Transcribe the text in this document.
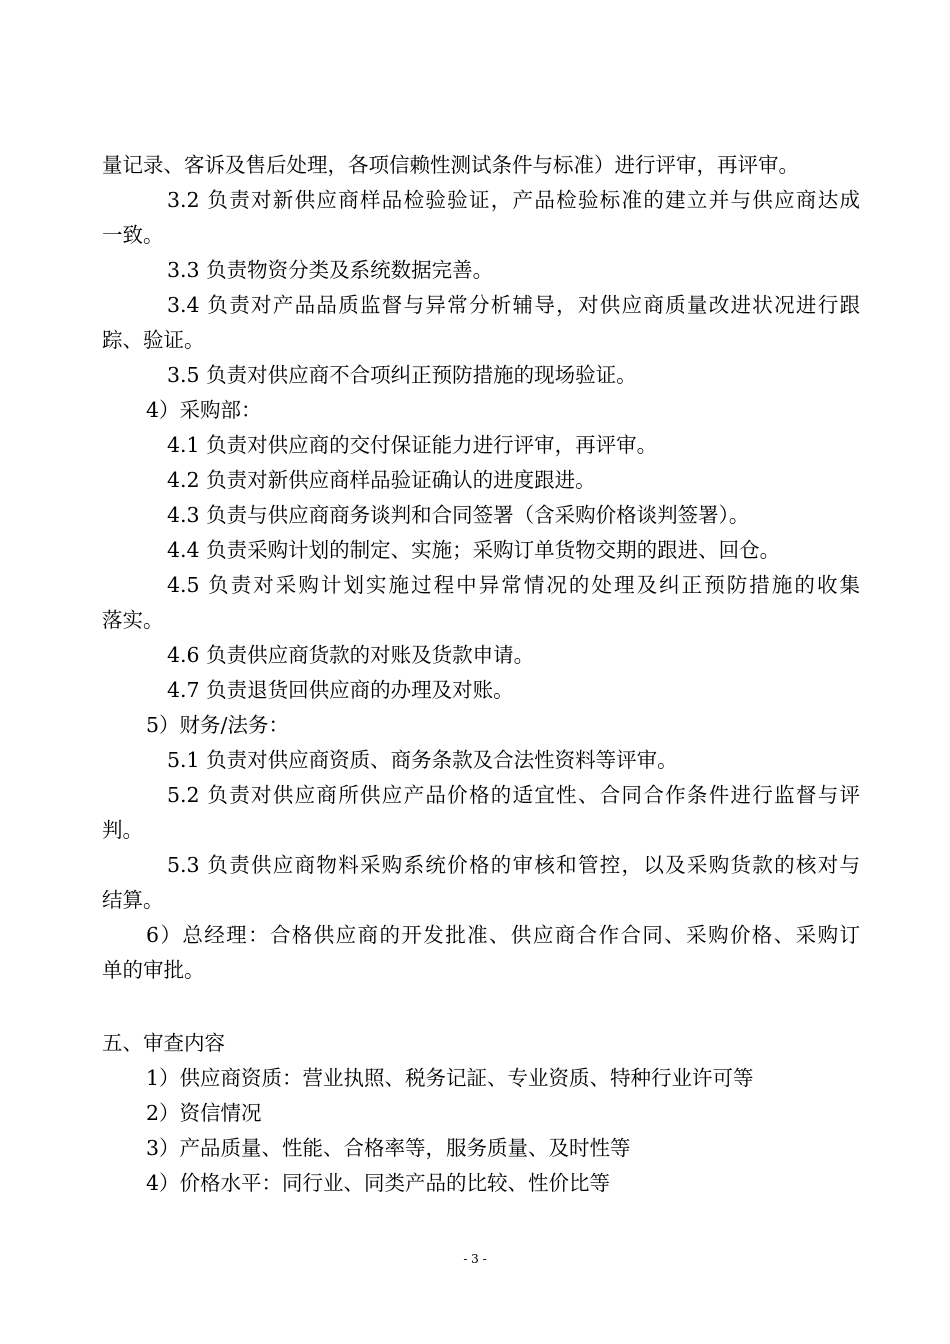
量记录、客诉及售后处理，各项信赖性测试条件与标准）进行评审，再评审。
3.2 负责对新供应商样品检验验证，产品检验标准的建立并与供应商达成
一致。
3.3 负责物资分类及系统数据完善。
3.4 负责对产品品质监督与异常分析辅导，对供应商质量改进状况进行跟
踪、验证。
3.5 负责对供应商不合项纠正预防措施的现场验证。
4）采购部：
4.1 负责对供应商的交付保证能力进行评审，再评审。
4.2 负责对新供应商样品验证确认的进度跟进。
4.3 负责与供应商商务谈判和合同签署（含采购价格谈判签署）。
4.4 负责采购计划的制定、实施；采购订单货物交期的跟进、回仓。
4.5 负责对采购计划实施过程中异常情况的处理及纠正预防措施的收集
落实。
4.6 负责供应商货款的对账及货款申请。
4.7 负责退货回供应商的办理及对账。
5）财务/法务：
5.1 负责对供应商资质、商务条款及合法性资料等评审。
5.2 负责对供应商所供应产品价格的适宜性、合同合作条件进行监督与评
判。
5.3 负责供应商物料采购系统价格的审核和管控，以及采购货款的核对与
结算。
6）总经理：合格供应商的开发批准、供应商合作合同、采购价格、采购订
单的审批。
五、审查内容
1）供应商资质：营业执照、税务记証、专业资质、特种行业许可等
2）资信情况
3）产品质量、性能、合格率等，服务质量、及时性等
4）价格水平：同行业、同类产品的比较、性价比等
- 3 -
